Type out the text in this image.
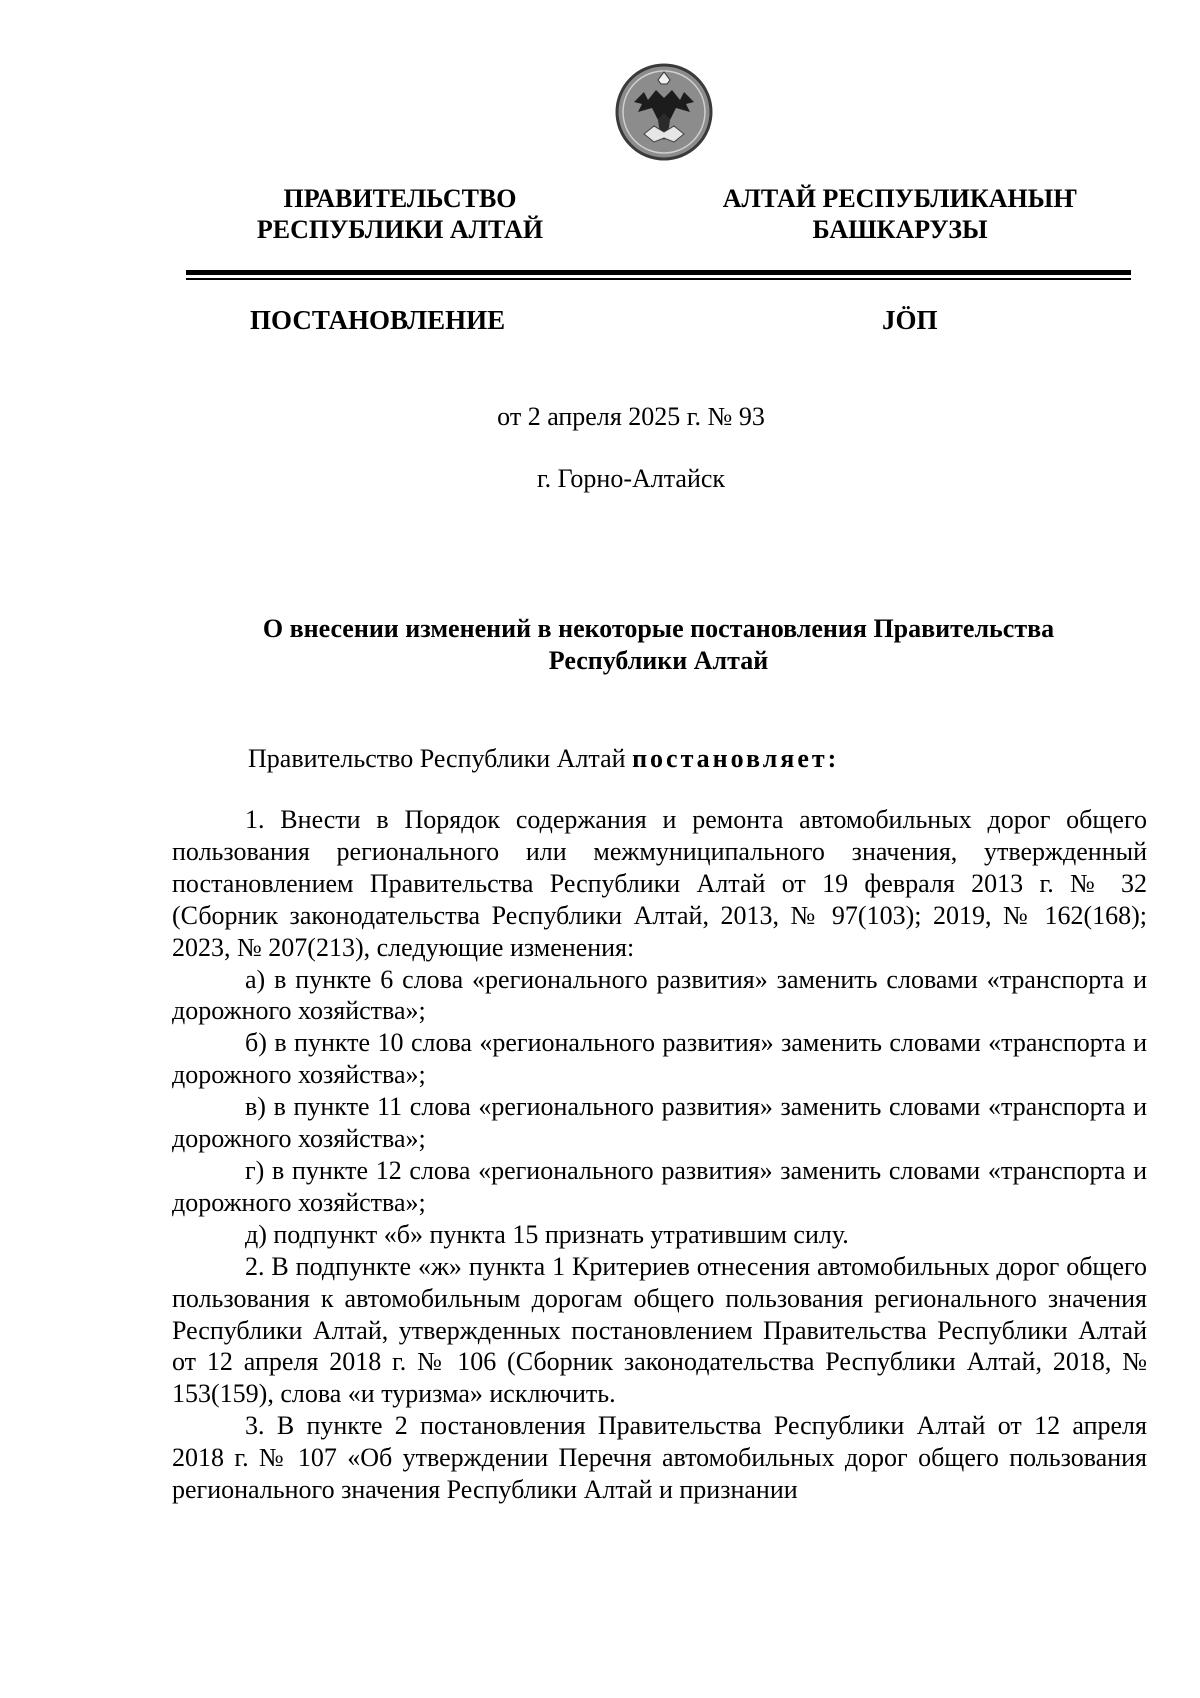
ПРАВИТЕЛЬСТВО
РЕСПУБЛИКИ АЛТАЙ
АЛТАЙ РЕСПУБЛИКАНЫҤ
БАШКАРУЗЫ
ПОСТАНОВЛЕНИЕ	JÖП
от 2 апреля 2025 г. № 93
г. Горно-Алтайск
О внесении изменений в некоторые постановления Правительства
Республики Алтай
Правительство Республики Алтай постановляет:

1. Внести в Порядок содержания и ремонта автомобильных дорог общего пользования регионального или межмуниципального значения, утвержденный постановлением Правительства Республики Алтай от 19 февраля 2013 г. № 32 (Сборник законодательства Республики Алтай, 2013, № 97(103); 2019, № 162(168); 2023, № 207(213), следующие изменения:

а) в пункте 6 слова «регионального развития» заменить словами «транспорта и дорожного хозяйства»;

б) в пункте 10 слова «регионального развития» заменить словами «транспорта и дорожного хозяйства»;

в) в пункте 11 слова «регионального развития» заменить словами «транспорта и дорожного хозяйства»;

г) в пункте 12 слова «регионального развития» заменить словами «транспорта и дорожного хозяйства»;

д) подпункт «б» пункта 15 признать утратившим силу.

2. В подпункте «ж» пункта 1 Критериев отнесения автомобильных дорог общего пользования к автомобильным дорогам общего пользования регионального значения Республики Алтай, утвержденных постановлением Правительства Республики Алтай от 12 апреля 2018 г. № 106 (Сборник законодательства Республики Алтай, 2018, № 153(159), слова «и туризма» исключить.

3. В пункте 2 постановления Правительства Республики Алтай от 12 апреля 2018 г. № 107 «Об утверждении Перечня автомобильных дорог общего пользования регионального значения Республики Алтай и признании
